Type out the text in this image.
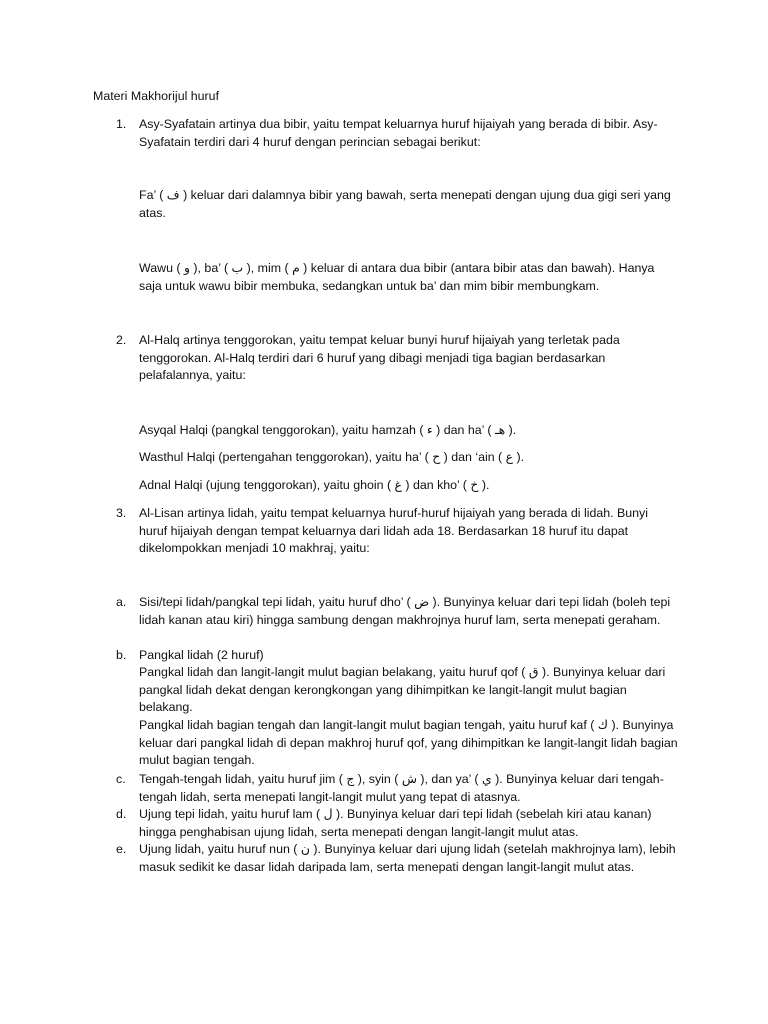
Materi Makhorijul huruf

1. Asy-Syafatain artinya dua bibir, yaitu tempat keluarnya huruf hijaiyah yang berada di bibir. Asy-Syafatain terdiri dari 4 huruf dengan perincian sebagai berikut:

Fa’ ( ف ) keluar dari dalamnya bibir yang bawah, serta menepati dengan ujung dua gigi seri yang atas.

Wawu ( و ), ba’ ( ب ), mim ( م ) keluar di antara dua bibir (antara bibir atas dan bawah). Hanya saja untuk wawu bibir membuka, sedangkan untuk ba’ dan mim bibir membungkam.

2. Al-Halq artinya tenggorokan, yaitu tempat keluar bunyi huruf hijaiyah yang terletak pada tenggorokan. Al-Halq terdiri dari 6 huruf yang dibagi menjadi tiga bagian berdasarkan pelafalannya, yaitu:

Asyqal Halqi (pangkal tenggorokan), yaitu hamzah ( ء ) dan ha’ ( هـ ).

Wasthul Halqi (pertengahan tenggorokan), yaitu ha’ ( ح ) dan ‘ain ( ع ).

Adnal Halqi (ujung tenggorokan), yaitu ghoin ( غ ) dan kho’ ( خ ).

3. Al-Lisan artinya lidah, yaitu tempat keluarnya huruf-huruf hijaiyah yang berada di lidah. Bunyi huruf hijaiyah dengan tempat keluarnya dari lidah ada 18. Berdasarkan 18 huruf itu dapat dikelompokkan menjadi 10 makhraj, yaitu:

a. Sisi/tepi lidah/pangkal tepi lidah, yaitu huruf dho’ ( ض ). Bunyinya keluar dari tepi lidah (boleh tepi lidah kanan atau kiri) hingga sambung dengan makhrojnya huruf lam, serta menepati geraham.

b. Pangkal lidah (2 huruf)

Pangkal lidah dan langit-langit mulut bagian belakang, yaitu huruf qof ( ق ). Bunyinya keluar dari pangkal lidah dekat dengan kerongkongan yang dihimpitkan ke langit-langit mulut bagian belakang.

Pangkal lidah bagian tengah dan langit-langit mulut bagian tengah, yaitu huruf kaf ( ك ). Bunyinya keluar dari pangkal lidah di depan makhroj huruf qof, yang dihimpitkan ke langit-langit lidah bagian mulut bagian tengah.

c. Tengah-tengah lidah, yaitu huruf jim ( ج ), syin ( ش ), dan ya’ ( ي ). Bunyinya keluar dari tengah-tengah lidah, serta menepati langit-langit mulut yang tepat di atasnya.

d. Ujung tepi lidah, yaitu huruf lam ( ل ). Bunyinya keluar dari tepi lidah (sebelah kiri atau kanan) hingga penghabisan ujung lidah, serta menepati dengan langit-langit mulut atas.

e. Ujung lidah, yaitu huruf nun ( ن ). Bunyinya keluar dari ujung lidah (setelah makhrojnya lam), lebih masuk sedikit ke dasar lidah daripada lam, serta menepati dengan langit-langit mulut atas.
